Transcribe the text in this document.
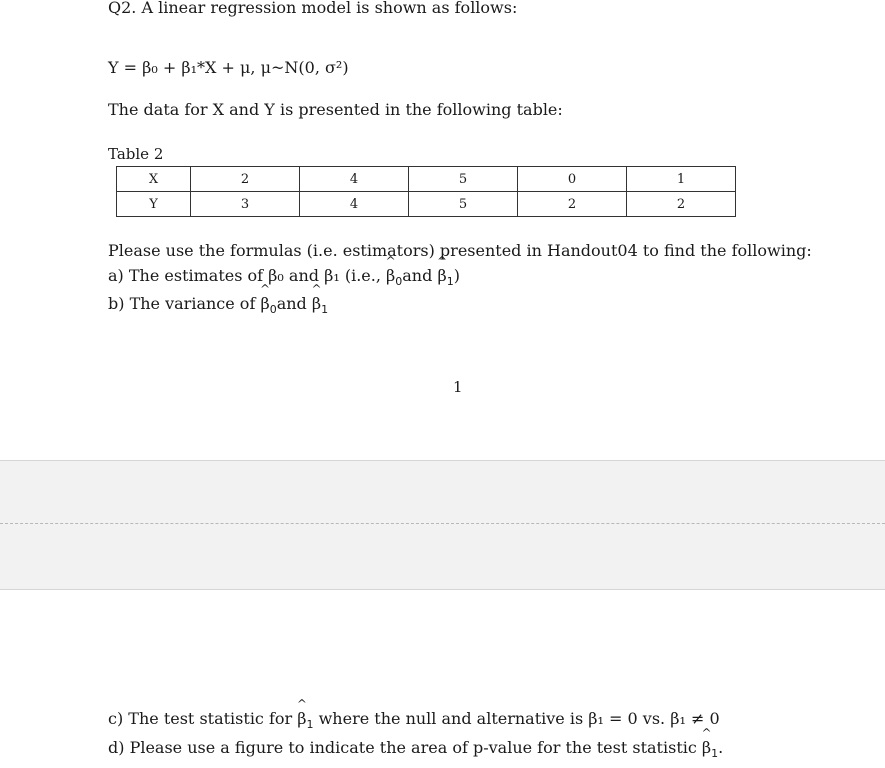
Q2. A linear regression model is shown as follows:
Y = β₀ + β₁*X + μ, μ~N(0, σ²)
The data for X and Y is presented in the following table:
Table 2
X	2	4	5	0	1
Y	3	4	5	2	2
Please use the formulas (i.e. estimators) presented in Handout04 to find the following:
a) The estimates of β₀ and β₁ (i.e., ^ $\beta_0and$ ^ $\beta_1$)
b) The variance of ^ $\beta_0and$ ^ $\beta_1$
1
c) The test statistic for ^ $\beta_1$ where the null and alternative is β₁ = 0 vs. β₁ ≠ 0
d) Please use a figure to indicate the area of p-value for the test statistic ^ $\beta_1$.
